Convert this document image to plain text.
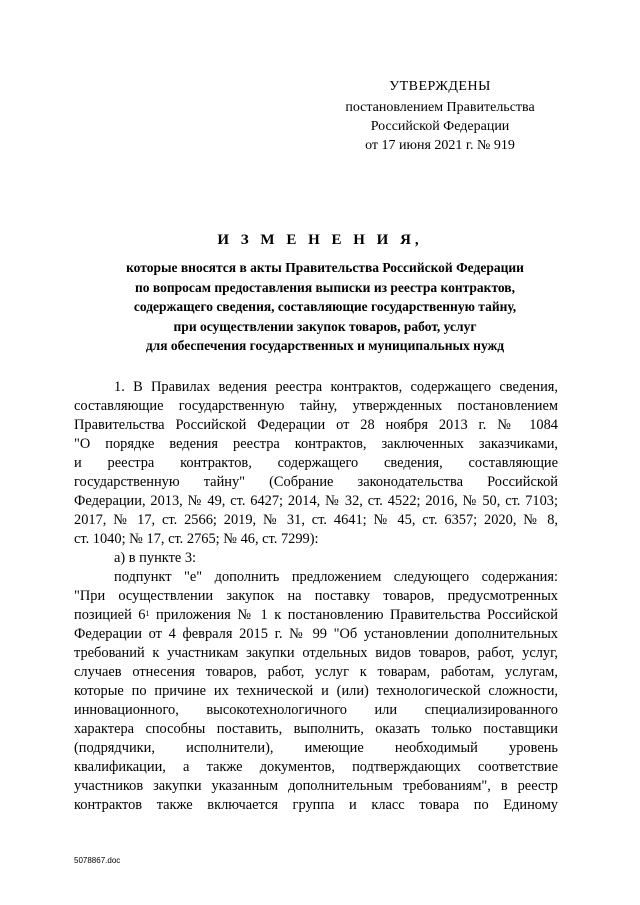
УТВЕРЖДЕНЫ
постановлением Правительства
Российской Федерации
от 17 июня 2021 г. № 919
И З М Е Н Е Н И Я,
которые вносятся в акты Правительства Российской Федерации
по вопросам предоставления выписки из реестра контрактов,
содержащего сведения, составляющие государственную тайну,
при осуществлении закупок товаров, работ, услуг
для обеспечения государственных и муниципальных нужд
1. В Правилах ведения реестра контрактов, содержащего сведения,
составляющие государственную тайну, утвержденных постановлением
Правительства Российской Федерации от 28 ноября 2013 г. № 1084
"О порядке ведения реестра контрактов, заключенных заказчиками,
и реестра контрактов, содержащего сведения, составляющие
государственную тайну" (Собрание законодательства Российской
Федерации, 2013, № 49, ст. 6427; 2014, № 32, ст. 4522; 2016, № 50, ст. 7103;
2017, № 17, ст. 2566; 2019, № 31, ст. 4641; № 45, ст. 6357; 2020, № 8,
ст. 1040; № 17, ст. 2765; № 46, ст. 7299):
а) в пункте 3:
подпункт "е" дополнить предложением следующего содержания:
"При осуществлении закупок на поставку товаров, предусмотренных
позицией $6^1$ приложения № 1 к постановлению Правительства Российской
Федерации от 4 февраля 2015 г. № 99 "Об установлении дополнительных
требований к участникам закупки отдельных видов товаров, работ, услуг,
случаев отнесения товаров, работ, услуг к товарам, работам, услугам,
которые по причине их технической и (или) технологической сложности,
инновационного, высокотехнологичного или специализированного
характера способны поставить, выполнить, оказать только поставщики
(подрядчики, исполнители), имеющие необходимый уровень
квалификации, а также документов, подтверждающих соответствие
участников закупки указанным дополнительным требованиям", в реестр
контрактов также включается группа и класс товара по Единому
5078867.doc
